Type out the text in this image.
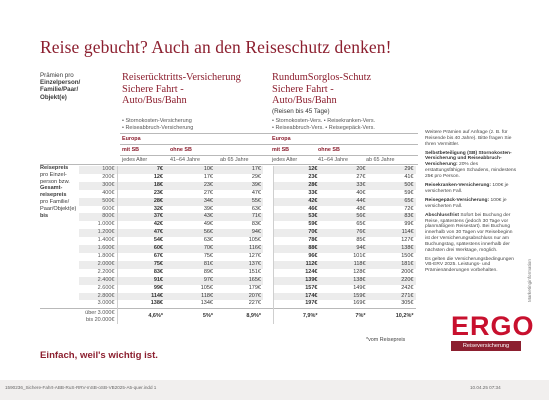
Reise gebucht? Auch an den Reiseschutz denken!
Prämien pro
Einzelperson/
Familie/Paar/
Objekt(e)
Reiserücktritts-Versicherung
Sichere Fahrt -
Auto/Bus/Bahn
• Stornokosten-Versicherung
• Reiseabbruch-Versicherung
RundumSorglos-Schutz
Sichere Fahrt -
Auto/Bus/Bahn
(Reisen bis 45 Tage)
• Stornokosten-Vers. • Reisekranken-Vers.
• Reiseabbruch-Vers. • Reisegepäck-Vers.
Europa	Europa
mit SB	ohne SB	mit SB	ohne SB
jedes Alter	41–64 Jahre	ab 65 Jahre	jedes Alter	41–64 Jahre	ab 65 Jahre
Reisepreis
pro Einzel-
person bzw.
Gesamt-
reisepreis
pro Familie/
Paar/Objekt(e)
bis
	100€	7€	10€	17€		12€	20€	29€
	200€	12€	17€	29€		23€	27€	41€
	300€	18€	23€	39€		28€	33€	50€
	400€	23€	27€	47€		33€	40€	59€
	500€	28€	34€	55€		42€	44€	65€
	600€	32€	39€	63€		46€	48€	72€
	800€	37€	43€	71€		53€	56€	83€
	1.000€	42€	49€	83€		59€	65€	99€
	1.200€	47€	56€	94€		70€	76€	114€
	1.400€	54€	63€	105€		78€	85€	127€
	1.600€	60€	70€	116€		88€	94€	138€
	1.800€	67€	75€	127€		96€	101€	150€
	2.000€	75€	81€	137€		112€	118€	181€
	2.200€	83€	89€	151€		124€	128€	200€
	2.400€	91€	97€	165€		139€	138€	220€
	2.600€	99€	105€	179€		157€	149€	242€
	2.800€	114€	118€	207€		174€	159€	271€
	3.000€	138€	134€	227€		197€	169€	305€
	über 3.000€
bis 20.000€	4,6%*	5%*	8,9%*		7,9%*	7%*	10,2%*
*vom Reisepreis

Weitere Prämien auf Anfrage (z. B. für Reisende bis 40 Jahre). Bitte fragen Sie Ihren Vermittler.

Selbstbeteiligung (SB) Stornokosten-Versicherung und Reiseabbruch-Versicherung: 20% des erstattungsfähigen Schadens, mindestens 25€ pro Person.

Reisekranken-Versicherung: 100€ je versicherten Fall.

Reisegepäck-Versicherung: 100€ je versicherten Fall.

Abschlussfrist Sofort bei Buchung der Reise, spätestens (jedoch 30 Tage vor planmäßigem Reisestart). Bei Buchung innerhalb von 30 Tagen vor Reisebeginn ist der Versicherungsabschluss nur am Buchungstag, spätestens innerhalb der nächsten drei Werktage, möglich.

Es gelten die Versicherungsbedingungen VB-ERV 2025. Leistungs- und Prämienänderungen vorbehalten.

Einfach, weil's wichtig ist.
ERGO
Reiseversicherung
Marketinginformation
1590236_Sichere-Fahrt-ABB-RuS-RRV-mSB-oSB-VB2025-A5-quer.indd 1	10.04.25 07:34
